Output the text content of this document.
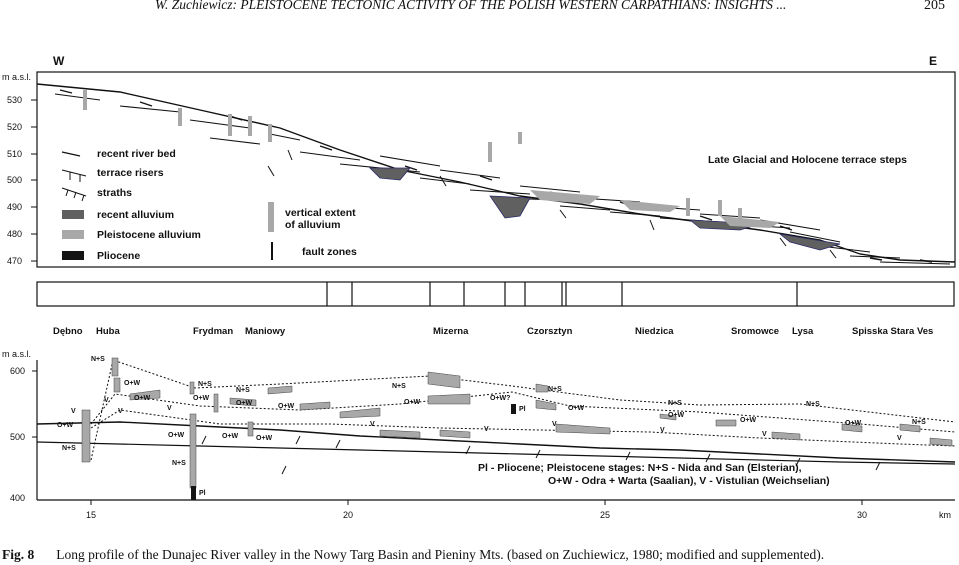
W. Zuchiewicz: PLEISTOCENE TECTONIC ACTIVITY OF THE POLISH WESTERN CARPATHIANS: INSIGHTS ...	205
W	E
m a.s.l.
530
520
510
500
490
480
470
recent river bed
terrace risers
straths
recent alluvium
Pleistocene alluvium
Pliocene
vertical extent of alluvium
fault zones
Late Glacial and Holocene terrace steps
Dębno Huba	Frydman Maniowy	Mizerna	Czorsztyn	Niedzica	Sromowce Lysa	Spisska Stara Ves
m a.s.l.
600
500
400
15	20	25	30	km
N+S
O+W
O+W
V
V
V
O+W
N+S
N+S
O+W
V
O+W
N+S
Pl
N+S
O+W
O+W	O+W
O+W
N+S
O+W
O+W?
Pl
N+S
O+W
N+S
O+W
O+W
N+S
O+W	N+S
V
V
V
V
V
V
Pl - Pliocene; Pleistocene stages: N+S - Nida and San (Elsterian),
O+W - Odra + Warta (Saalian), V - Vistulian (Weichselian)
Fig. 8 Long profile of the Dunajec River valley in the Nowy Targ Basin and Pieniny Mts. (based on Zuchiewicz, 1980; modified and supplemented).
